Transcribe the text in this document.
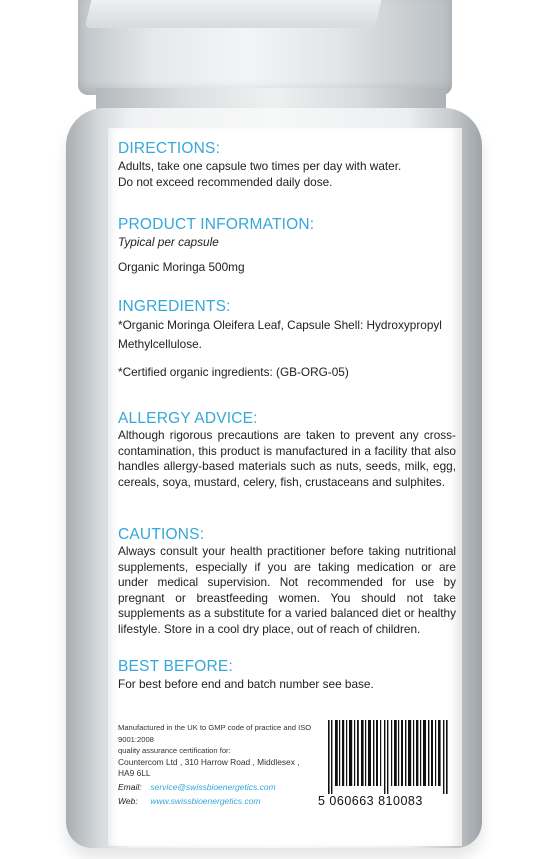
DIRECTIONS:

Adults, take one capsule two times per day with water.

Do not exceed recommended daily dose.

PRODUCT INFORMATION:

Typical per capsule

Organic Moringa 500mg

INGREDIENTS:

*Organic Moringa Oleifera Leaf, Capsule Shell: Hydroxypropyl Methylcellulose.

*Certified organic ingredients: (GB-ORG-05)

ALLERGY ADVICE:

Although rigorous precautions are taken to prevent any cross-contamination, this product is manufactured in a facility that also handles allergy-based materials such as nuts, seeds, milk, egg, cereals, soya, mustard, celery, fish, crustaceans and sulphites.

CAUTIONS:

Always consult your health practitioner before taking nutritional supplements, especially if you are taking medication or are under medical supervision. Not recommended for use by pregnant or breastfeeding women. You should not take supplements as a substitute for a varied balanced diet or healthy lifestyle. Store in a cool dry place, out of reach of children.

BEST BEFORE:

For best before end and batch number see base.

Manufactured in the UK to GMP code of practice and ISO 9001:2008

quality assurance certification for:

Countercom Ltd , 310 Harrow Road , Middlesex ,

HA9 6LL

Email: service@swissbioenergetics.com

Web: www.swissbioenergetics.com	5 060663 810083
